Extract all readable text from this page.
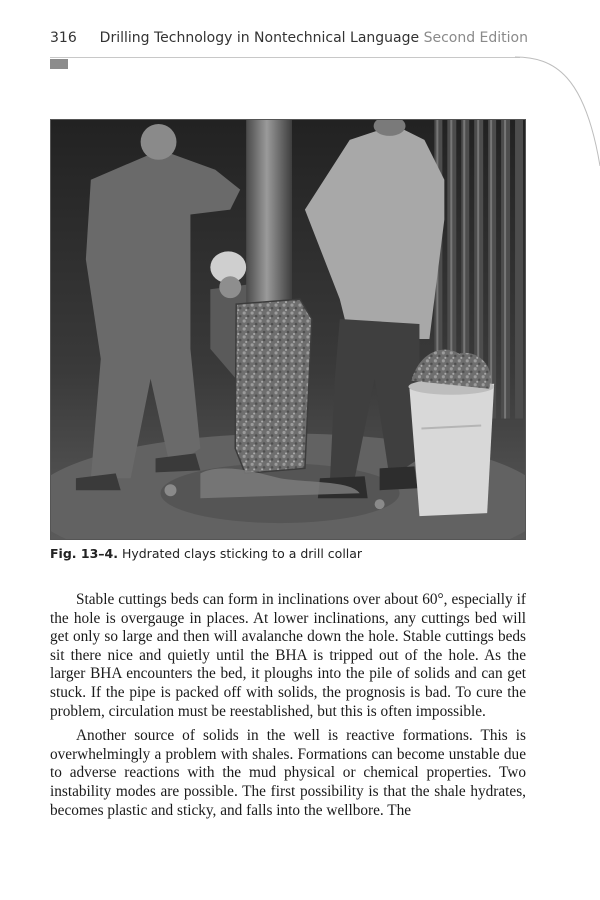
316 Drilling Technology in Nontechnical Language Second Edition
Fig. 13–4. Hydrated clays sticking to a drill collar

Stable cuttings beds can form in inclinations over about 60°, especially if the hole is overgauge in places. At lower inclinations, any cuttings bed will get only so large and then will avalanche down the hole. Stable cuttings beds sit there nice and quietly until the BHA is tripped out of the hole. As the larger BHA encounters the bed, it ploughs into the pile of solids and can get stuck. If the pipe is packed off with solids, the prognosis is bad. To cure the problem, circulation must be reestablished, but this is often impossible.

Another source of solids in the well is reactive formations. This is overwhelmingly a problem with shales. Formations can become unstable due to adverse reactions with the mud physical or chemical properties. Two instability modes are possible. The first possibility is that the shale hydrates, becomes plastic and sticky, and falls into the wellbore. The
